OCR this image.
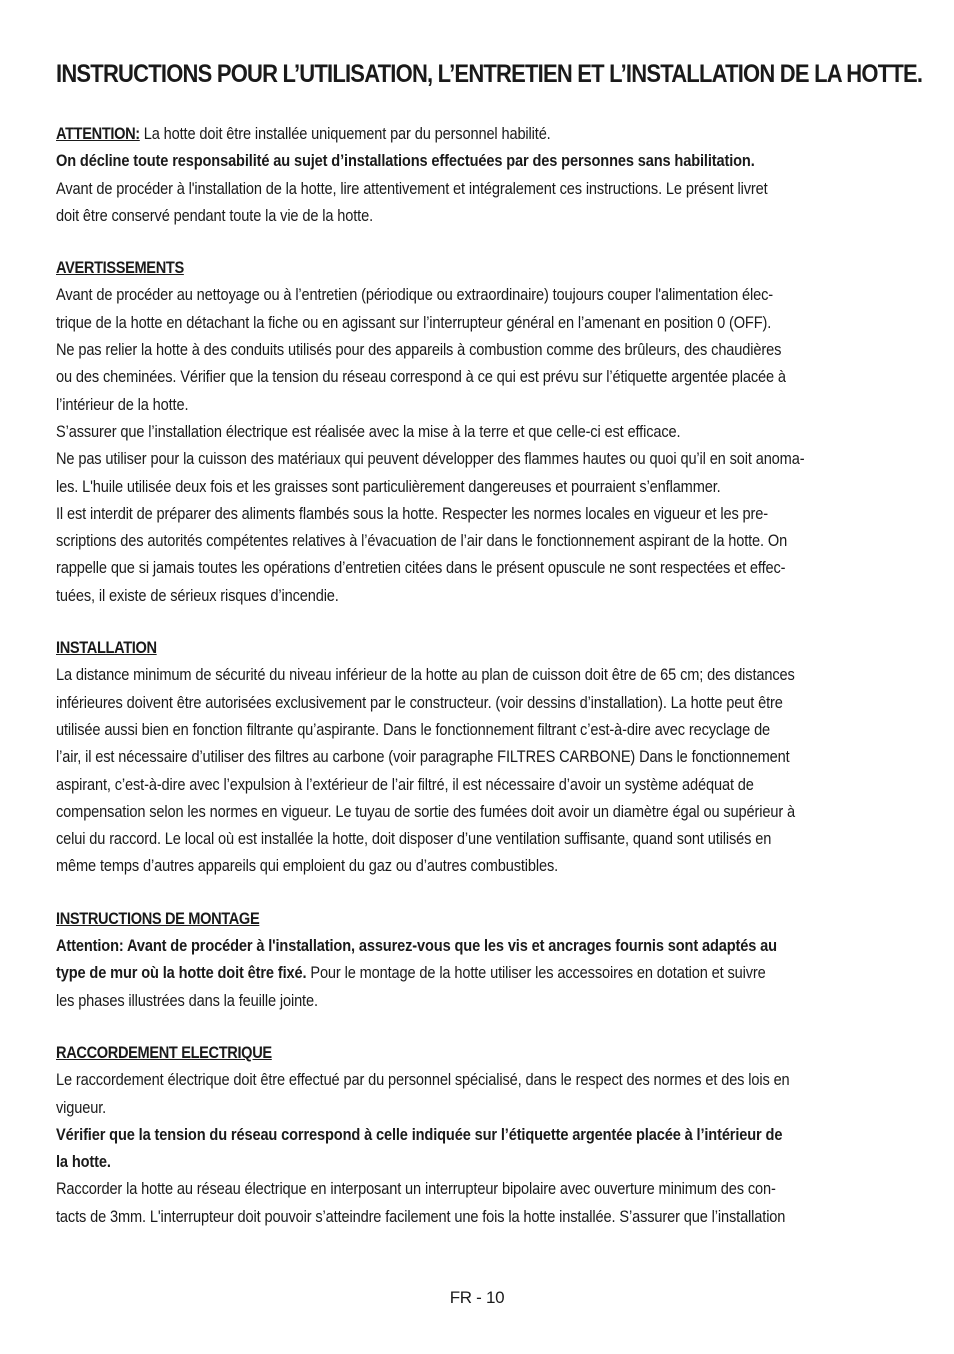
INSTRUCTIONS POUR L’UTILISATION, L’ENTRETIEN ET L’INSTALLATION DE LA HOTTE.

ATTENTION: La hotte doit être installée uniquement par du personnel habilité.

On décline toute responsabilité au sujet d’installations effectuées par des personnes sans habilitation.

Avant de procéder à l'installation de la hotte, lire attentivement et intégralement ces instructions. Le présent livret

doit être conservé pendant toute la vie de la hotte.

AVERTISSEMENTS

Avant de procéder au nettoyage ou à l’entretien (périodique ou extraordinaire) toujours couper l'alimentation élec-

trique de la hotte en détachant la fiche ou en agissant sur l’interrupteur général en l’amenant en position 0 (OFF).

Ne pas relier la hotte à des conduits utilisés pour des appareils à combustion comme des brûleurs, des chaudières

ou des cheminées. Vérifier que la tension du réseau correspond à ce qui est prévu sur l’étiquette argentée placée à

l’intérieur de la hotte.

S’assurer que l’installation électrique est réalisée avec la mise à la terre et que celle-ci est efficace.

Ne pas utiliser pour la cuisson des matériaux qui peuvent développer des flammes hautes ou quoi qu’il en soit anoma-

les. L'huile utilisée deux fois et les graisses sont particulièrement dangereuses et pourraient s’enflammer.

Il est interdit de préparer des aliments flambés sous la hotte. Respecter les normes locales en vigueur et les pre-

scriptions des autorités compétentes relatives à l’évacuation de l’air dans le fonctionnement aspirant de la hotte. On

rappelle que si jamais toutes les opérations d’entretien citées dans le présent opuscule ne sont respectées et effec-

tuées, il existe de sérieux risques d’incendie.

INSTALLATION

La distance minimum de sécurité du niveau inférieur de la hotte au plan de cuisson doit être de 65 cm; des distances

inférieures doivent être autorisées exclusivement par le constructeur. (voir dessins d’installation). La hotte peut être

utilisée aussi bien en fonction filtrante qu’aspirante. Dans le fonctionnement filtrant c’est-à-dire avec recyclage de

l’air, il est nécessaire d’utiliser des filtres au carbone (voir paragraphe FILTRES CARBONE) Dans le fonctionnement

aspirant, c’est-à-dire avec l’expulsion à l’extérieur de l’air filtré, il est nécessaire d’avoir un système adéquat de

compensation selon les normes en vigueur. Le tuyau de sortie des fumées doit avoir un diamètre égal ou supérieur à

celui du raccord. Le local où est installée la hotte, doit disposer d’une ventilation suffisante, quand sont utilisés en

même temps d’autres appareils qui emploient du gaz ou d’autres combustibles.

INSTRUCTIONS DE MONTAGE

Attention: Avant de procéder à l'installation, assurez-vous que les vis et ancrages fournis sont adaptés au

type de mur où la hotte doit être fixé. Pour le montage de la hotte utiliser les accessoires en dotation et suivre

les phases illustrées dans la feuille jointe.

RACCORDEMENT ELECTRIQUE

Le raccordement électrique doit être effectué par du personnel spécialisé, dans le respect des normes et des lois en

vigueur.

Vérifier que la tension du réseau correspond à celle indiquée sur l’étiquette argentée placée à l’intérieur de

la hotte.

Raccorder la hotte au réseau électrique en interposant un interrupteur bipolaire avec ouverture minimum des con-

tacts de 3mm. L'interrupteur doit pouvoir s’atteindre facilement une fois la hotte installée. S’assurer que l’installation

FR - 10
